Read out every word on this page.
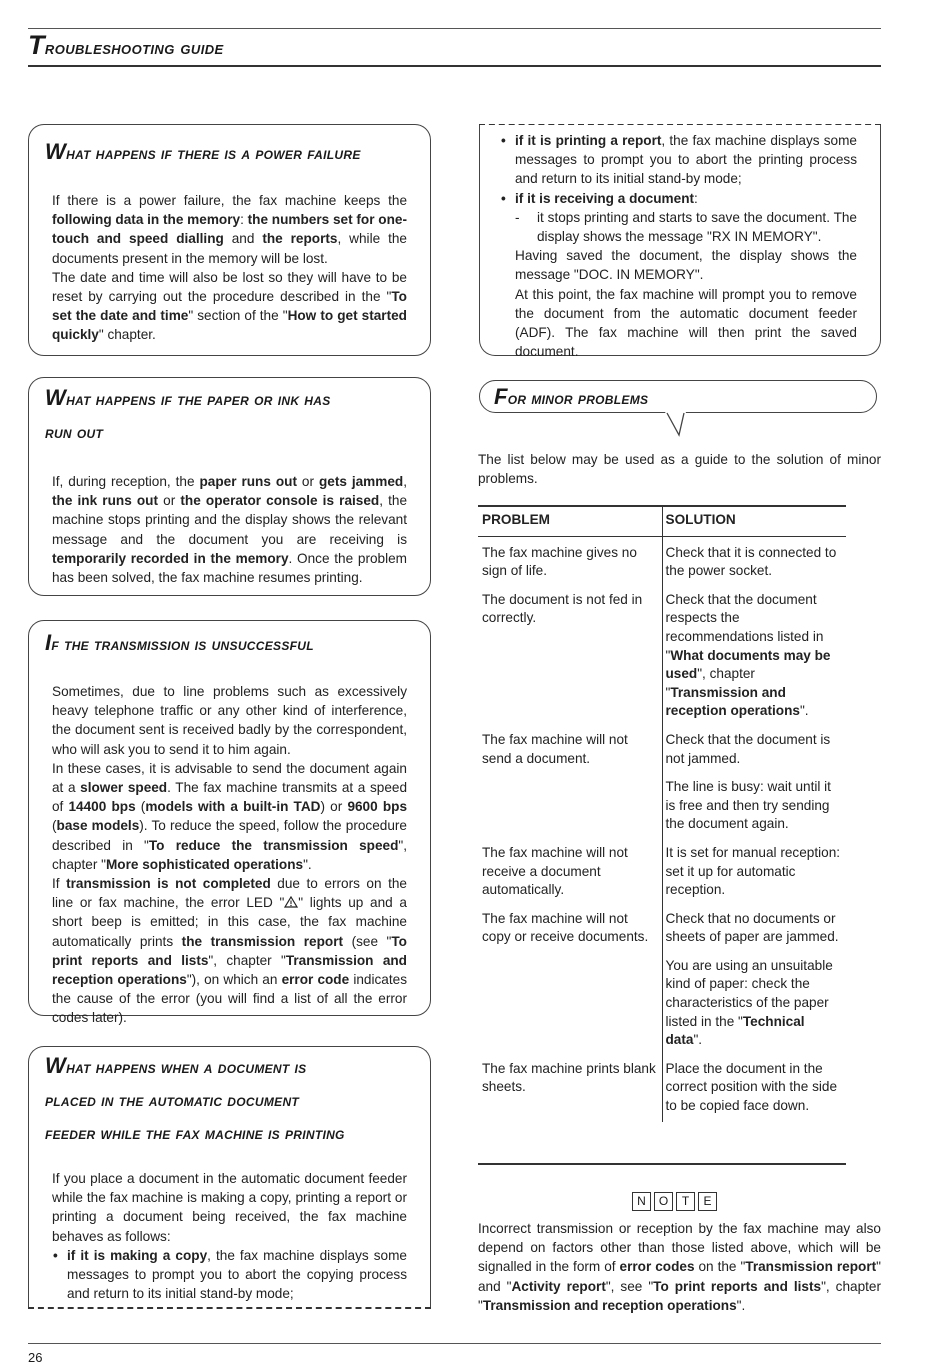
Troubleshooting guide
What happens if there is a power failure

If there is a power failure, the fax machine keeps the following data in the memory: the numbers set for one-touch and speed dialling and the reports, while the documents present in the memory will be lost.

The date and time will also be lost so they will have to be reset by carrying out the procedure described in the "To set the date and time" section of the "How to get started quickly" chapter.

What happens if the paper or ink has
run out

If, during reception, the paper runs out or gets jammed, the ink runs out or the operator console is raised, the machine stops printing and the display shows the relevant message and the document you are receiving is temporarily recorded in the memory. Once the problem has been solved, the fax machine resumes printing.

If the transmission is unsuccessful

Sometimes, due to line problems such as excessively heavy telephone traffic or any other kind of interference, the document sent is received badly by the correspondent, who will ask you to send it to him again.

In these cases, it is advisable to send the document again at a slower speed. The fax machine transmits at a speed of 14400 bps (models with a built-in TAD) or 9600 bps (base models). To reduce the speed, follow the procedure described in "To reduce the transmission speed", chapter "More sophisticated operations".

If transmission is not completed due to errors on the line or fax machine, the error LED " " lights up and a short beep is emitted; in this case, the fax machine automatically prints the transmission report (see "To print reports and lists", chapter "Transmission and reception operations"), on which an error code indicates the cause of the error (you will find a list of all the error codes later).

What happens when a document is
placed in the automatic document
feeder while the fax machine is printing

If you place a document in the automatic document feeder while the fax machine is making a copy, printing a report or printing a document being received, the fax machine behaves as follows:

• if it is making a copy, the fax machine displays some messages to prompt you to abort the copying process and return to its initial stand-by mode;
• if it is printing a report, the fax machine displays some messages to prompt you to abort the printing process and return to its initial stand-by mode;
• if it is receiving a document:
- it stops printing and starts to save the document. The display shows the message "RX IN MEMORY".

Having saved the document, the display shows the message "DOC. IN MEMORY".

At this point, the fax machine will prompt you to remove the document from the automatic document feeder (ADF). The fax machine will then print the saved document.

For minor problems
The list below may be used as a guide to the solution of minor problems.
PROBLEM	SOLUTION
The fax machine gives no sign of life.	Check that it is connected to the power socket.
The document is not fed in correctly.	Check that the document respects the recommendations listed in "What documents may be used", chapter "Transmission and reception operations".
The fax machine will not send a document.	Check that the document is not jammed.
	The line is busy: wait until it is free and then try sending the document again.
The fax machine will not receive a document automatically.	It is set for manual reception: set it up for automatic reception.
The fax machine will not copy or receive documents.	Check that no documents or sheets of paper are jammed.
	You are using an unsuitable kind of paper: check the characteristics of the paper listed in the "Technical data".
The fax machine prints blank sheets.	Place the document in the correct position with the side to be copied face down.
N O T E

Incorrect transmission or reception by the fax machine may also depend on factors other than those listed above, which will be signalled in the form of error codes on the "Transmission report" and "Activity report", see "To print reports and lists", chapter "Transmission and reception operations".

26
